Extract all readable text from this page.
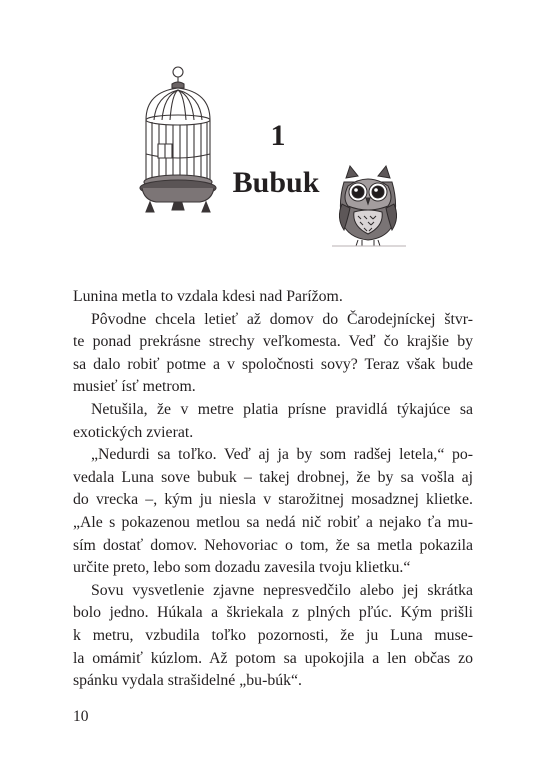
1
Bubuk

Lunina metla to vzdala kdesi nad Parížom.

Pôvodne chcela letieť až domov do Čarodejníckej štvr-
te ponad prekrásne strechy veľkomesta. Veď čo krajšie by
sa dalo robiť potme a v spoločnosti sovy? Teraz však bude
musieť ísť metrom.

Netušila, že v metre platia prísne pravidlá týkajúce sa
exotických zvierat.

„Nedurdi sa toľko. Veď aj ja by som radšej letela,“ po-
vedala Luna sove bubuk – takej drobnej, že by sa vošla aj
do vrecka –, kým ju niesla v starožitnej mosadznej klietke.
„Ale s pokazenou metlou sa nedá nič robiť a nejako ťa mu-
sím dostať domov. Nehovoriac o tom, že sa metla pokazila
určite preto, lebo som dozadu zavesila tvoju klietku.“

Sovu vysvetlenie zjavne nepresvedčilo alebo jej skrátka
bolo jedno. Húkala a škriekala z plných pľúc. Kým prišli
k metru, vzbudila toľko pozornosti, že ju Luna muse-
la omámiť kúzlom. Až potom sa upokojila a len občas zo
spánku vydala strašidelné „bu-búk“.

10
